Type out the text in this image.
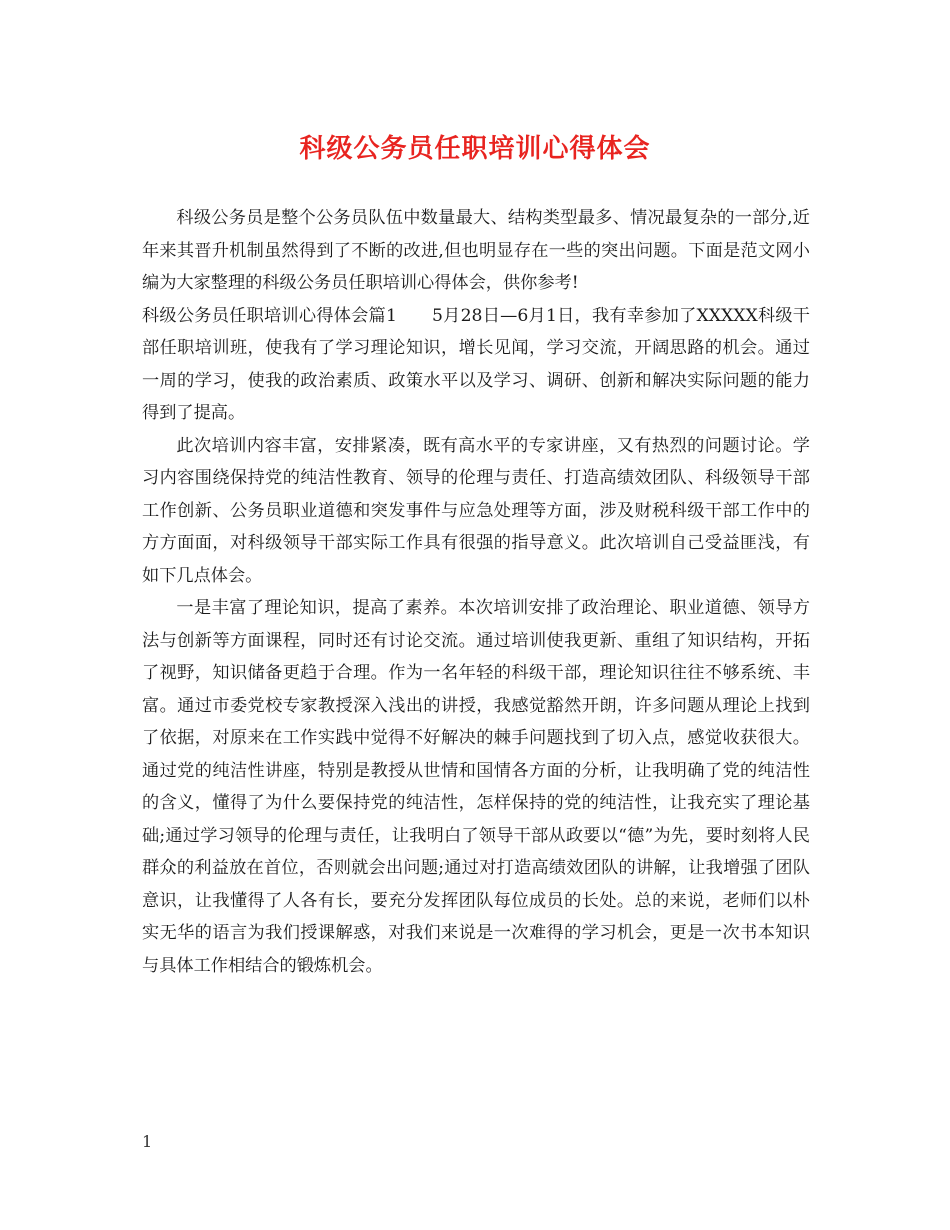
科级公务员任职培训心得体会

科级公务员是整个公务员队伍中数量最大、结构类型最多、情况最复杂的一部分,近年来其晋升机制虽然得到了不断的改进,但也明显存在一些的突出问题。下面是范文网小编为大家整理的科级公务员任职培训心得体会，供你参考!

科级公务员任职培训心得体会篇1　　5月28日—6月1日，我有幸参加了XXXXX科级干部任职培训班，使我有了学习理论知识，增长见闻，学习交流，开阔思路的机会。通过一周的学习，使我的政治素质、政策水平以及学习、调研、创新和解决实际问题的能力得到了提高。

此次培训内容丰富，安排紧凑，既有高水平的专家讲座，又有热烈的问题讨论。学习内容围绕保持党的纯洁性教育、领导的伦理与责任、打造高绩效团队、科级领导干部工作创新、公务员职业道德和突发事件与应急处理等方面，涉及财税科级干部工作中的方方面面，对科级领导干部实际工作具有很强的指导意义。此次培训自己受益匪浅，有如下几点体会。

一是丰富了理论知识，提高了素养。本次培训安排了政治理论、职业道德、领导方法与创新等方面课程，同时还有讨论交流。通过培训使我更新、重组了知识结构，开拓了视野，知识储备更趋于合理。作为一名年轻的科级干部，理论知识往往不够系统、丰富。通过市委党校专家教授深入浅出的讲授，我感觉豁然开朗，许多问题从理论上找到了依据，对原来在工作实践中觉得不好解决的棘手问题找到了切入点，感觉收获很大。通过党的纯洁性讲座，特别是教授从世情和国情各方面的分析，让我明确了党的纯洁性的含义，懂得了为什么要保持党的纯洁性，怎样保持的党的纯洁性，让我充实了理论基础;通过学习领导的伦理与责任，让我明白了领导干部从政要以“德”为先，要时刻将人民群众的利益放在首位，否则就会出问题;通过对打造高绩效团队的讲解，让我增强了团队意识，让我懂得了人各有长，要充分发挥团队每位成员的长处。总的来说，老师们以朴实无华的语言为我们授课解惑，对我们来说是一次难得的学习机会，更是一次书本知识与具体工作相结合的锻炼机会。

1
